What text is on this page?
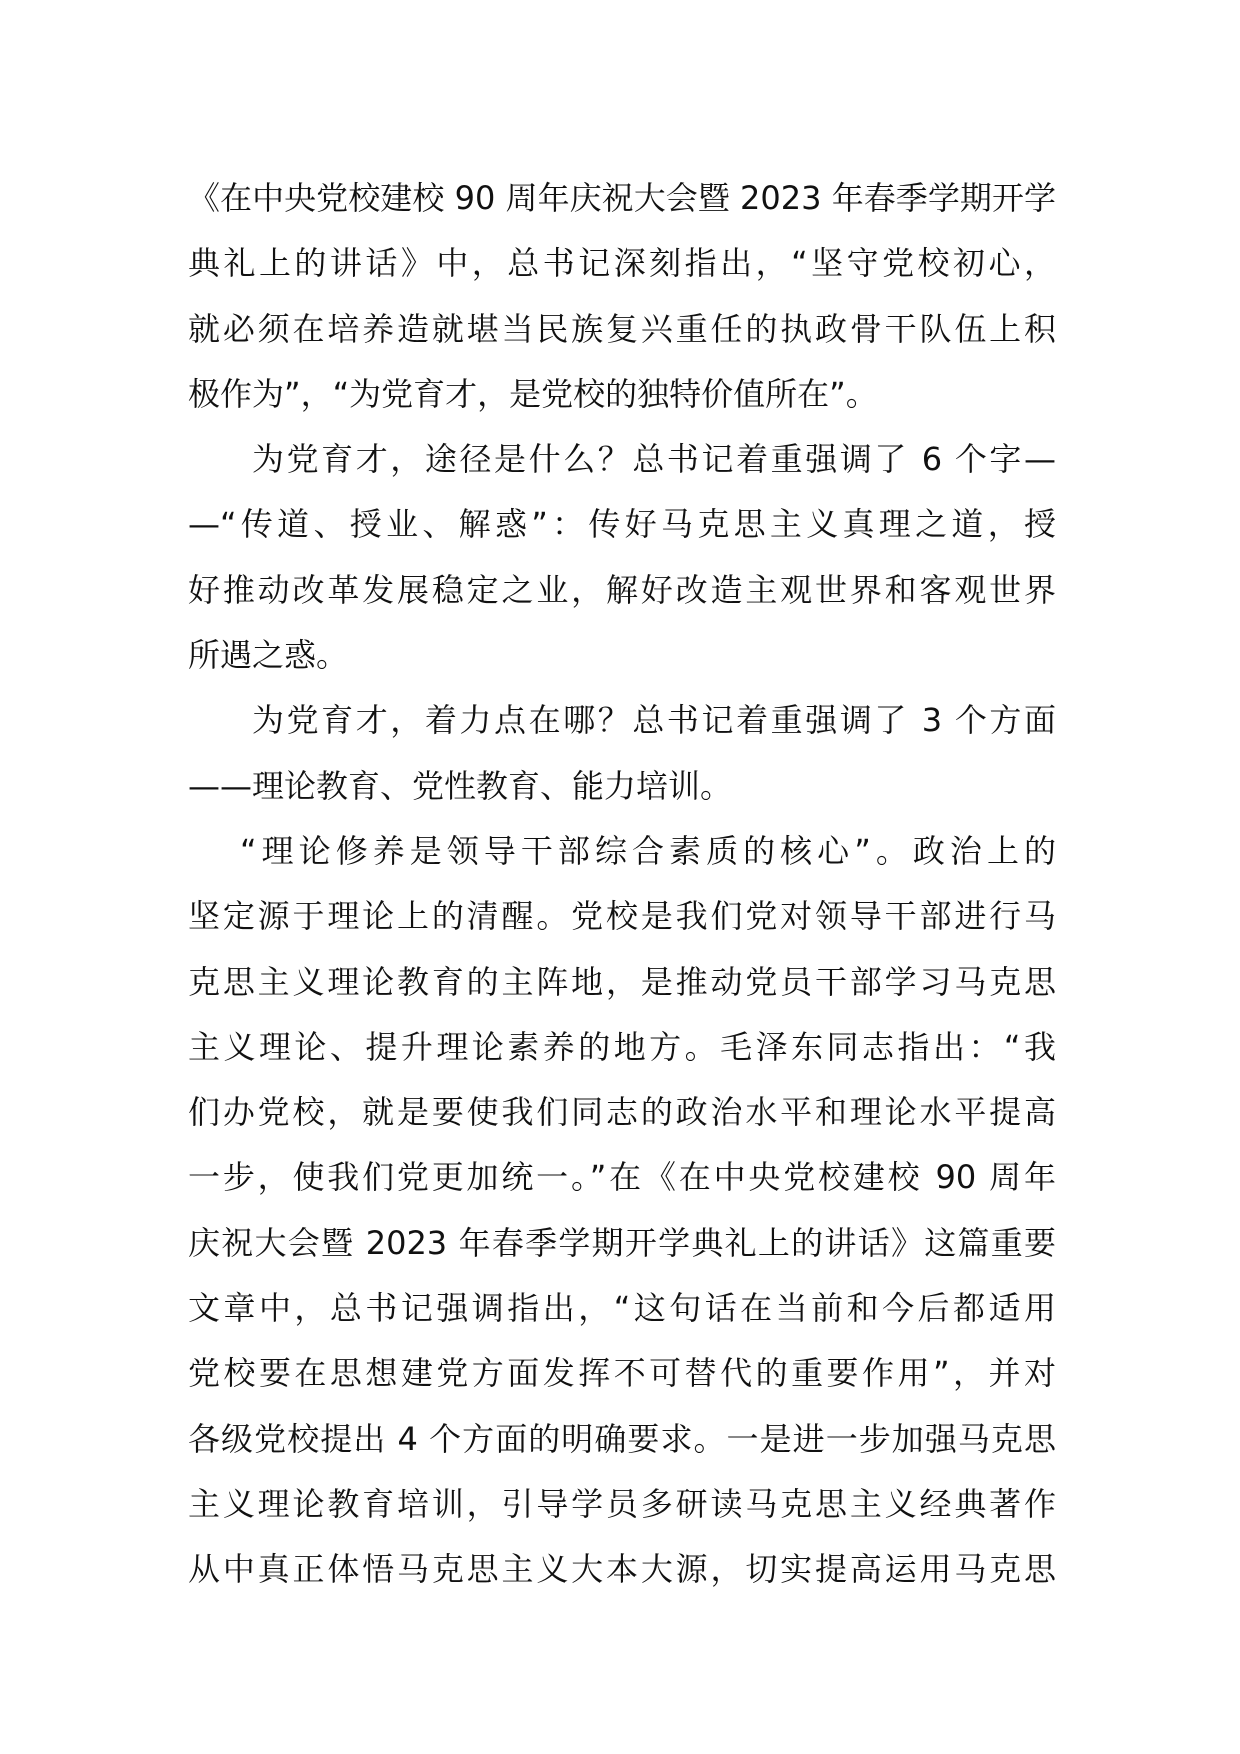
《在中央党校建校 90 周年庆祝大会暨 2023 年春季学期开学
典礼上的讲话》中，总书记深刻指出，“坚守党校初心，
就必须在培养造就堪当民族复兴重任的执政骨干队伍上积
极作为”，“为党育才，是党校的独特价值所在”。
为党育才，途径是什么？总书记着重强调了 6 个字—
—“传道、授业、解惑”：传好马克思主义真理之道，授
好推动改革发展稳定之业，解好改造主观世界和客观世界
所遇之惑。
为党育才，着力点在哪？总书记着重强调了 3 个方面
——理论教育、党性教育、能力培训。
“理论修养是领导干部综合素质的核心”。政治上的
坚定源于理论上的清醒。党校是我们党对领导干部进行马
克思主义理论教育的主阵地，是推动党员干部学习马克思
主义理论、提升理论素养的地方。毛泽东同志指出：“我
们办党校，就是要使我们同志的政治水平和理论水平提高
一步，使我们党更加统一。”在《在中央党校建校 90 周年
庆祝大会暨 2023 年春季学期开学典礼上的讲话》这篇重要
文章中，总书记强调指出，“这句话在当前和今后都适用
党校要在思想建党方面发挥不可替代的重要作用”，并对
各级党校提出 4 个方面的明确要求。一是进一步加强马克思
主义理论教育培训，引导学员多研读马克思主义经典著作
从中真正体悟马克思主义大本大源，切实提高运用马克思
